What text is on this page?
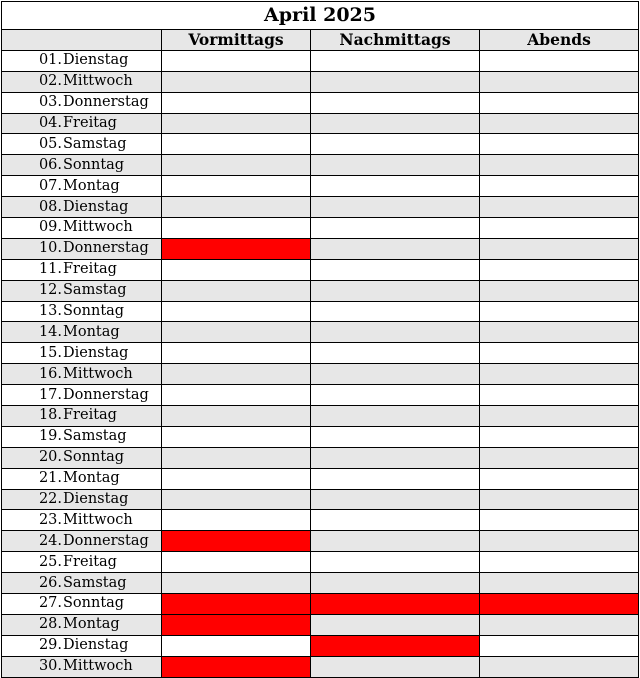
April 2025			
	Vormittags	Nachmittags	Abends
01.Dienstag			
02.Mittwoch			
03.Donnerstag			
04.Freitag			
05.Samstag			
06.Sonntag			
07.Montag			
08.Dienstag			
09.Mittwoch			
10.Donnerstag			
11.Freitag			
12.Samstag			
13.Sonntag			
14.Montag			
15.Dienstag			
16.Mittwoch			
17.Donnerstag			
18.Freitag			
19.Samstag			
20.Sonntag			
21.Montag			
22.Dienstag			
23.Mittwoch			
24.Donnerstag			
25.Freitag			
26.Samstag			
27.Sonntag			
28.Montag			
29.Dienstag			
30.Mittwoch			
